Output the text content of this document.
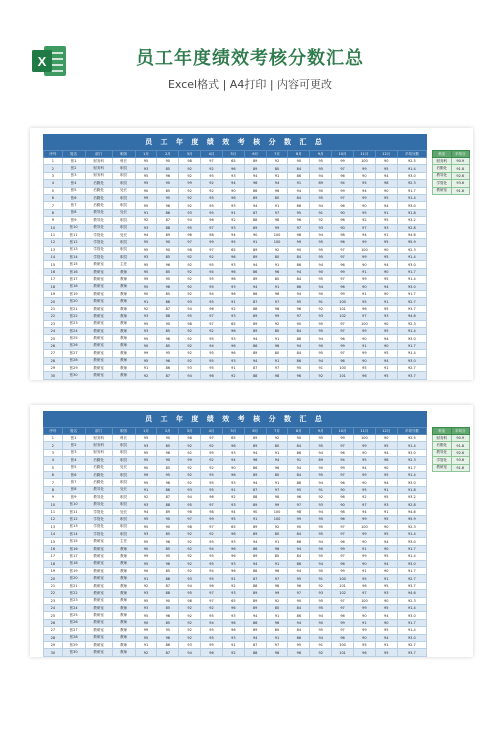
X	员工年度绩效考核分数汇总
Excel格式 | A4打印 | 内容可更改
员 工 年 度 绩 效 考 核 分 数 汇 总
序号	姓名	部门	职务	1月	2月	3月	4月	5月	6月	7月	8月	9月	10月	11月	12月	平均分数
1	张1	财务科	科长	95	90	98	97	65	89	92	90	95	99	100	90	92.5
2	张2	财务科	职员	93	85	92	92	96	89	80	84	95	97	99	95	91.4
3	张3	财务科	职员	95	96	92	95	93	94	91	86	94	96	90	94	93.0
4	张4	后勤处	职员	95	90	99	92	94	96	94	91	89	94	95	98	92.3
5	张5	后勤处	处长	90	85	92	92	90	86	96	94	90	99	94	90	91.7
6	张6	后勤处	职员	99	95	92	95	96	89	80	84	95	97	99	95	91.4
7	张7	后勤处	职员	95	96	92	95	93	94	91	86	94	96	90	94	93.0
8	张8	教导处	处长	91	86	93	95	91	87	97	95	91	90	95	91	91.8
9	张9	教导处	职员	92	87	94	96	92	88	98	96	92	96	92	95	93.2
10	张10	教导处	职员	93	88	95	97	93	89	99	97	93	90	97	93	92.8
11	张11	学管处	处长	94	89	96	98	94	90	100	98	94	98	94	91	94.6
12	张12	学管处	职员	95	90	97	99	95	91	100	99	95	96	99	95	95.9
13	张13	学管处	职员	95	90	98	97	65	89	92	90	95	97	100	90	92.3
14	张14	学管处	职员	93	85	92	92	96	89	80	84	95	97	99	95	91.4
15	张15	教研室	主任	95	96	92	95	93	94	91	86	94	96	90	94	93.0
16	张16	教研室	教师	90	85	92	94	96	86	96	94	90	99	91	90	91.7
17	张17	教研室	教师	99	95	92	95	96	89	80	84	95	97	99	95	91.4
18	张18	教研室	教师	95	96	92	95	93	94	91	86	94	96	90	94	93.0
19	张19	教研室	教师	90	85	92	94	96	86	96	94	90	99	91	90	91.7
20	张20	教研室	教师	91	86	93	95	91	87	97	95	91	100	95	91	92.7
21	张21	教研室	教师	92	87	94	96	92	88	98	96	92	101	96	95	93.7
22	张22	教研室	教师	93	88	95	97	93	89	99	97	93	102	97	93	94.6
23	张23	教研室	教师	95	90	98	97	65	89	92	90	95	97	100	90	92.3
24	张24	教研室	教师	93	85	92	92	96	89	80	84	95	97	99	95	91.4
25	张25	教研室	教师	95	96	92	95	93	94	91	86	94	96	90	94	93.0
26	张26	教研室	教师	90	85	92	94	96	86	96	94	90	99	91	90	91.7
27	张27	教研室	教师	99	95	92	95	96	89	80	84	95	97	99	95	91.4
28	张28	教研室	教师	95	96	92	95	93	94	91	86	94	96	90	94	93.0
29	张29	教研室	教师	91	86	93	95	91	87	97	95	91	100	95	91	92.7
30	张30	教研室	教师	92	87	94	96	92	88	98	96	92	101	96	95	93.7
科室	平均分
财务科	90.9
后勤处	91.8
教导处	92.6
学管处	93.6
教研室	91.6
员 工 年 度 绩 效 考 核 分 数 汇 总
序号	姓名	部门	职务	1月	2月	3月	4月	5月	6月	7月	8月	9月	10月	11月	12月	平均分数
1	张1	财务科	科长	95	90	98	97	65	89	92	90	95	99	100	90	92.5
2	张2	财务科	职员	93	85	92	92	96	89	80	84	95	97	99	95	91.4
3	张3	财务科	职员	95	96	92	95	93	94	91	86	94	96	90	94	93.0
4	张4	后勤处	职员	95	90	99	92	94	96	94	91	89	94	95	98	92.3
5	张5	后勤处	处长	90	85	92	92	90	86	96	94	90	99	94	90	91.7
6	张6	后勤处	职员	99	95	92	95	96	89	80	84	95	97	99	95	91.4
7	张7	后勤处	职员	95	96	92	95	93	94	91	86	94	96	90	94	93.0
8	张8	教导处	处长	91	86	93	95	91	87	97	95	91	90	95	91	91.8
9	张9	教导处	职员	92	87	94	96	92	88	98	96	92	96	92	95	93.2
10	张10	教导处	职员	93	88	95	97	93	89	99	97	93	90	97	93	92.8
11	张11	学管处	处长	94	89	96	98	94	90	100	98	94	98	94	91	94.6
12	张12	学管处	职员	95	90	97	99	95	91	100	99	95	96	99	95	95.9
13	张13	学管处	职员	95	90	98	97	65	89	92	90	95	97	100	90	92.3
14	张14	学管处	职员	93	85	92	92	96	89	80	84	95	97	99	95	91.4
15	张15	教研室	主任	95	96	92	95	93	94	91	86	94	96	90	94	93.0
16	张16	教研室	教师	90	85	92	94	96	86	96	94	90	99	91	90	91.7
17	张17	教研室	教师	99	95	92	95	96	89	80	84	95	97	99	95	91.4
18	张18	教研室	教师	95	96	92	95	93	94	91	86	94	96	90	94	93.0
19	张19	教研室	教师	90	85	92	94	96	86	96	94	90	99	91	90	91.7
20	张20	教研室	教师	91	86	93	95	91	87	97	95	91	100	95	91	92.7
21	张21	教研室	教师	92	87	94	96	92	88	98	96	92	101	96	95	93.7
22	张22	教研室	教师	93	88	95	97	93	89	99	97	93	102	97	93	94.6
23	张23	教研室	教师	95	90	98	97	65	89	92	90	95	97	100	90	92.3
24	张24	教研室	教师	93	85	92	92	96	89	80	84	95	97	99	95	91.4
25	张25	教研室	教师	95	96	92	95	93	94	91	86	94	96	90	94	93.0
26	张26	教研室	教师	90	85	92	94	96	86	96	94	90	99	91	90	91.7
27	张27	教研室	教师	99	95	92	95	96	89	80	84	95	97	99	95	91.4
28	张28	教研室	教师	95	96	92	95	93	94	91	86	94	96	90	94	93.0
29	张29	教研室	教师	91	86	93	95	91	87	97	95	91	100	95	91	92.7
30	张30	教研室	教师	92	87	94	96	92	88	98	96	92	101	96	95	93.7
科室	平均分
财务科	90.9
后勤处	91.8
教导处	92.6
学管处	93.6
教研室	91.6
